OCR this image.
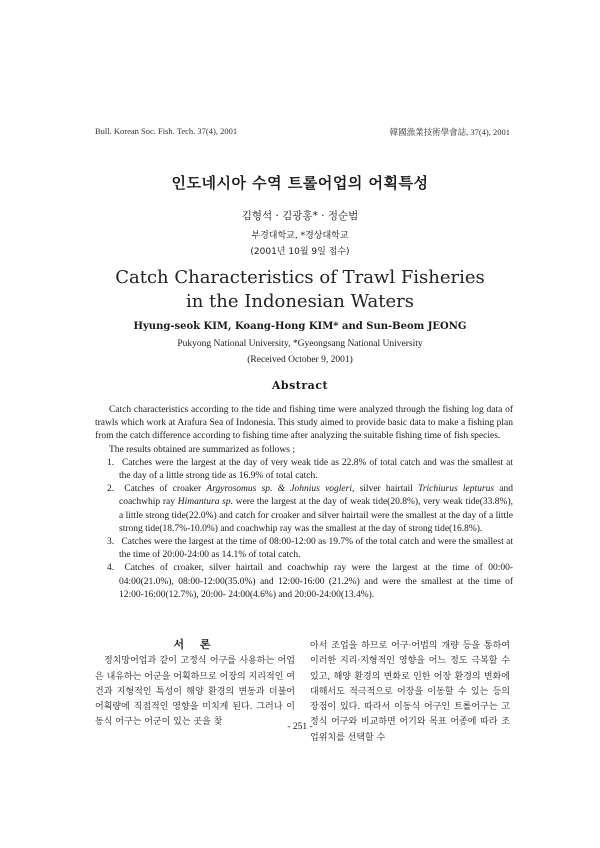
Bull. Korean Soc. Fish. Tech. 37(4), 2001	韓國漁業技術學會誌, 37(4), 2001
인도네시아 수역 트롤어업의 어획특성
김형석 · 김광홍* · 정순범
부경대학교, *경상대학교
(2001년 10월 9일 접수)
Catch Characteristics of Trawl Fisheries
in the Indonesian Waters
Hyung-seok KIM, Koang-Hong KIM* and Sun-Beom JEONG
Pukyong National University, *Gyeongsang National University
(Received October 9, 2001)
Abstract

Catch characteristics according to the tide and fishing time were analyzed through the fishing log data of trawls which work at Arafura Sea of Indonesia. This study aimed to provide basic data to make a fishing plan from the catch difference according to fishing time after analyzing the suitable fishing time of fish species.

The results obtained are summarized as follows ;

1. Catches were the largest at the day of very weak tide as 22.8% of total catch and was the smallest at the day of a little strong tide as 16.9% of total catch.
2. Catches of croaker Argyrosomus sp. & Johnius vogleri, silver hairtail Trichiurus lepturus and coachwhip ray Himantura sp. were the largest at the day of weak tide(20.8%), very weak tide(33.8%), a little strong tide(22.0%) and catch for croaker and silver hairtail were the smallest at the day of a little strong tide(18.7%-10.0%) and coachwhip ray was the smallest at the day of strong tide(16.8%).
3. Catches were the largest at the time of 08:00-12:00 as 19.7% of the total catch and were the smallest at the time of 20:00-24:00 as 14.1% of total catch.
4. Catches of croaker, silver hairtail and coachwhip ray were the largest at the time of 00:00-04:00(21.0%), 08:00-12:00(35.0%) and 12:00-16:00 (21.2%) and were the smallest at the time of 12:00-16:00(12.7%), 20:00- 24:00(4.6%) and 20:00-24:00(13.4%).
서 론

정치망어업과 같이 고정식 어구를 사용하는 어업은 내유하는 어군을 어획하므로 어장의 지리적인 여건과 지형적인 특성이 해양 환경의 변동과 더불어 어획량에 직접적인 영향을 미치게 된다. 그러나 이동식 어구는 어군이 있는 곳을 찾

아서 조업을 하므로 어구·어법의 개량 등을 통하여 이러한 지리·지형적인 영향을 어느 정도 극복할 수 있고, 해양 환경의 변화로 인한 어장 환경의 변화에 대해서도 적극적으로 어장을 이동할 수 있는 등의 장점이 있다. 따라서 이동식 어구인 트롤어구는 고정식 어구와 비교하면 어기와 목표 어종에 따라 조업위치를 선택할 수

- 251 -
